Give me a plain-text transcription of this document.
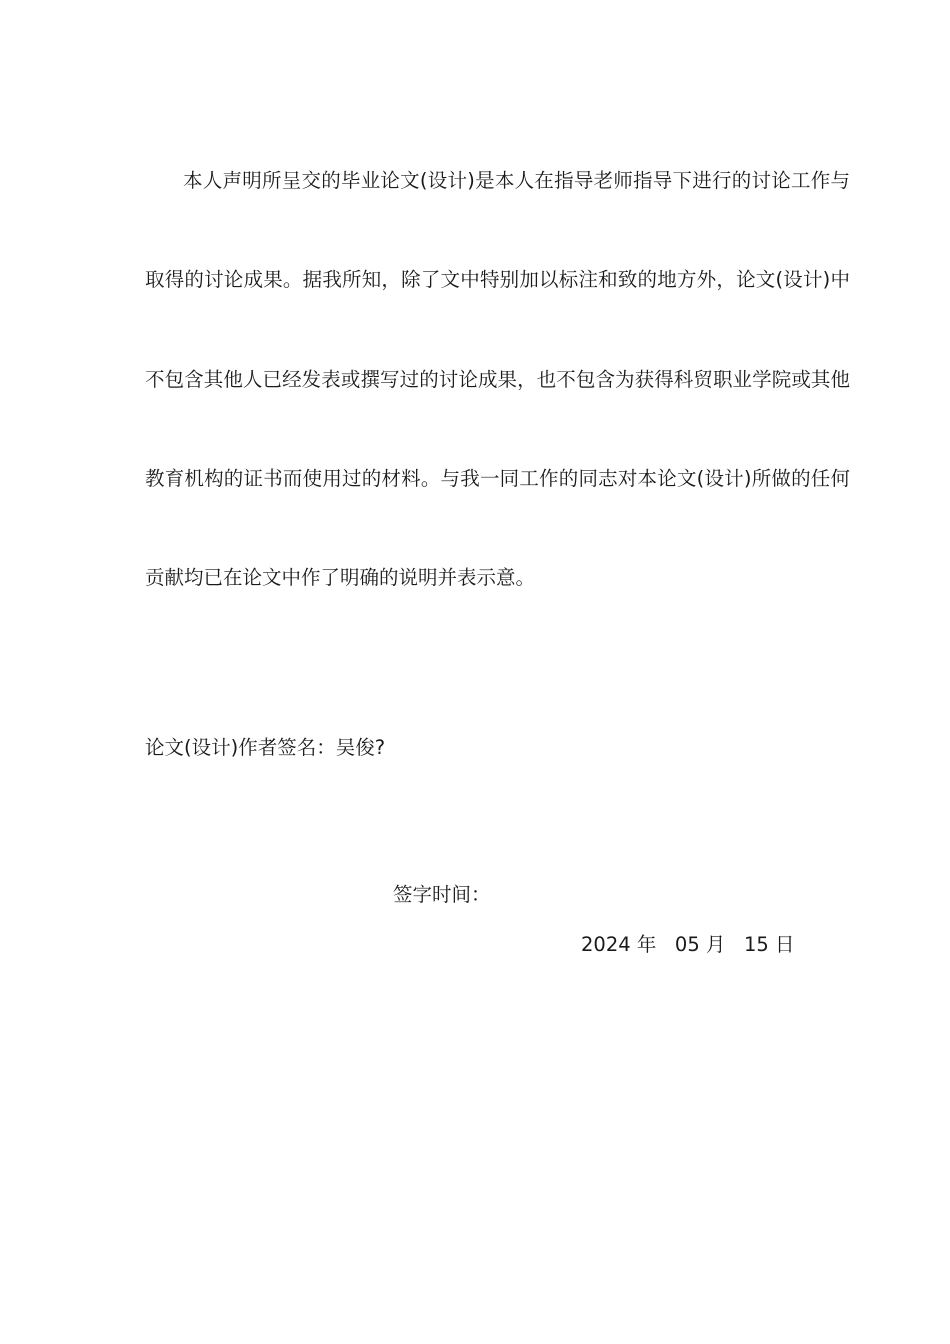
本人声明所呈交的毕业论文(设计)是本人在指导老师指导下进行的讨论工作与
取得的讨论成果。据我所知，除了文中特别加以标注和致的地方外，论文(设计)中
不包含其他人已经发表或撰写过的讨论成果，也不包含为获得科贸职业学院或其他
教育机构的证书而使用过的材料。与我一同工作的同志对本论文(设计)所做的任何
贡献均已在论文中作了明确的说明并表示意。
论文(设计)作者签名：吴俊?
签字时间：
2024 年   05 月   15 日
